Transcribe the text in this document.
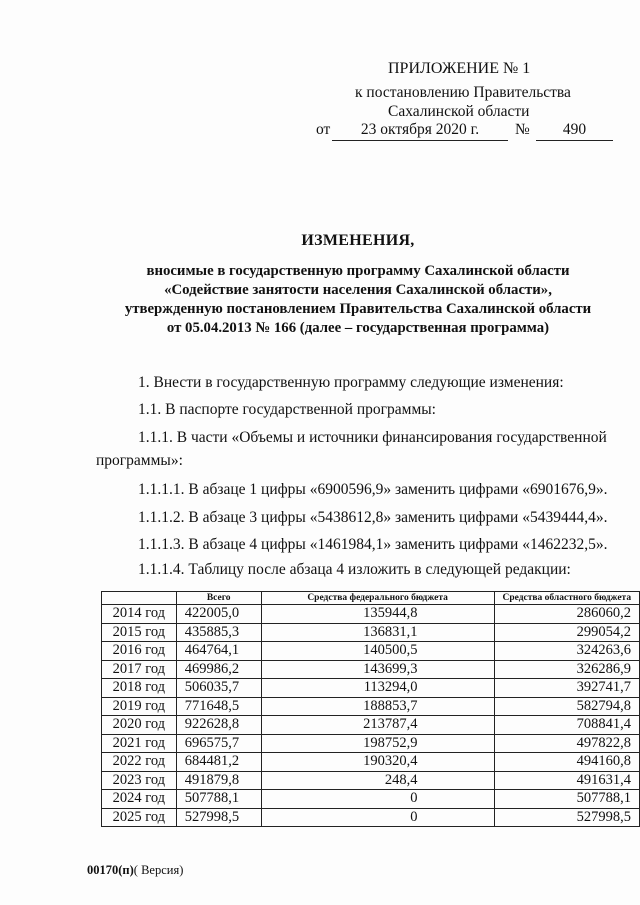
ПРИЛОЖЕНИЕ № 1
к постановлению Правительства
Сахалинской области
от	23 октября 2020 г.	№	490
ИЗМЕНЕНИЯ,
вносимые в государственную программу Сахалинской области
«Содействие занятости населения Сахалинской области»,
утвержденную постановлением Правительства Сахалинской области
от 05.04.2013 № 166 (далее – государственная программа)
1. Внести в государственную программу следующие изменения:
1.1. В паспорте государственной программы:
1.1.1. В части «Объемы и источники финансирования государственной
программы»:
1.1.1.1. В абзаце 1 цифры «6900596,9» заменить цифрами «6901676,9».
1.1.1.2. В абзаце 3 цифры «5438612,8» заменить цифрами «5439444,4».
1.1.1.3. В абзаце 4 цифры «1461984,1» заменить цифрами «1462232,5».
1.1.1.4. Таблицу после абзаца 4 изложить в следующей редакции:
	Всего	Средства федерального бюджета	Средства областного бюджета
2014 год	422005,0	135944,8	286060,2
2015 год	435885,3	136831,1	299054,2
2016 год	464764,1	140500,5	324263,6
2017 год	469986,2	143699,3	326286,9
2018 год	506035,7	113294,0	392741,7
2019 год	771648,5	188853,7	582794,8
2020 год	922628,8	213787,4	708841,4
2021 год	696575,7	198752,9	497822,8
2022 год	684481,2	190320,4	494160,8
2023 год	491879,8	248,4	491631,4
2024 год	507788,1	0	507788,1
2025 год	527998,5	0	527998,5
00170(п)( Версия)
